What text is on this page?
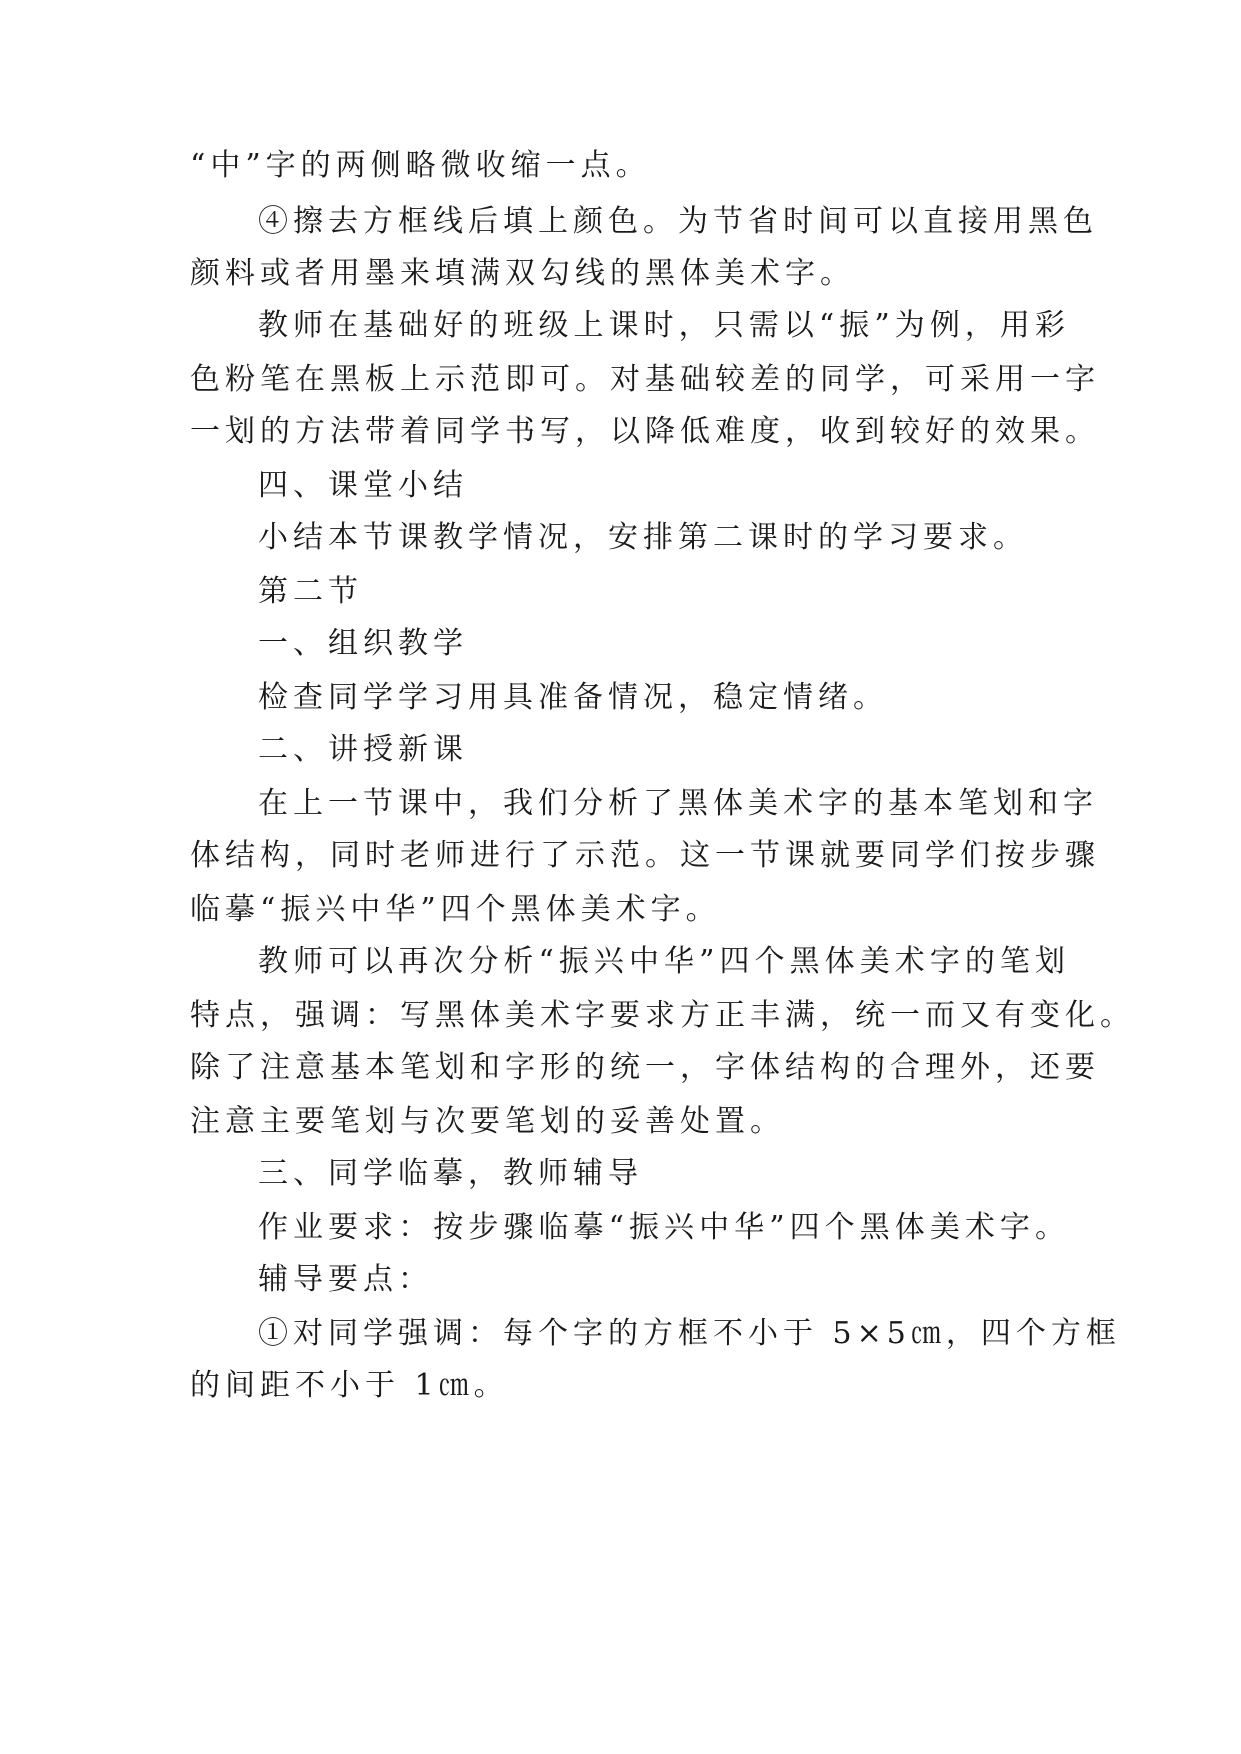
“中”字的两侧略微收缩一点。
④擦去方框线后填上颜色。为节省时间可以直接用黑色
颜料或者用墨来填满双勾线的黑体美术字。
教师在基础好的班级上课时，只需以“振”为例，用彩
色粉笔在黑板上示范即可。对基础较差的同学，可采用一字
一划的方法带着同学书写，以降低难度，收到较好的效果。
四、课堂小结
小结本节课教学情况，安排第二课时的学习要求。
第二节
一、组织教学
检查同学学习用具准备情况，稳定情绪。
二、讲授新课
在上一节课中，我们分析了黑体美术字的基本笔划和字
体结构，同时老师进行了示范。这一节课就要同学们按步骤
临摹“振兴中华”四个黑体美术字。
教师可以再次分析“振兴中华”四个黑体美术字的笔划
特点，强调：写黑体美术字要求方正丰满，统一而又有变化。
除了注意基本笔划和字形的统一，字体结构的合理外，还要
注意主要笔划与次要笔划的妥善处置。
三、同学临摹，教师辅导
作业要求：按步骤临摹“振兴中华”四个黑体美术字。
辅导要点：
①对同学强调：每个字的方框不小于 5×5㎝，四个方框
的间距不小于 1㎝。
